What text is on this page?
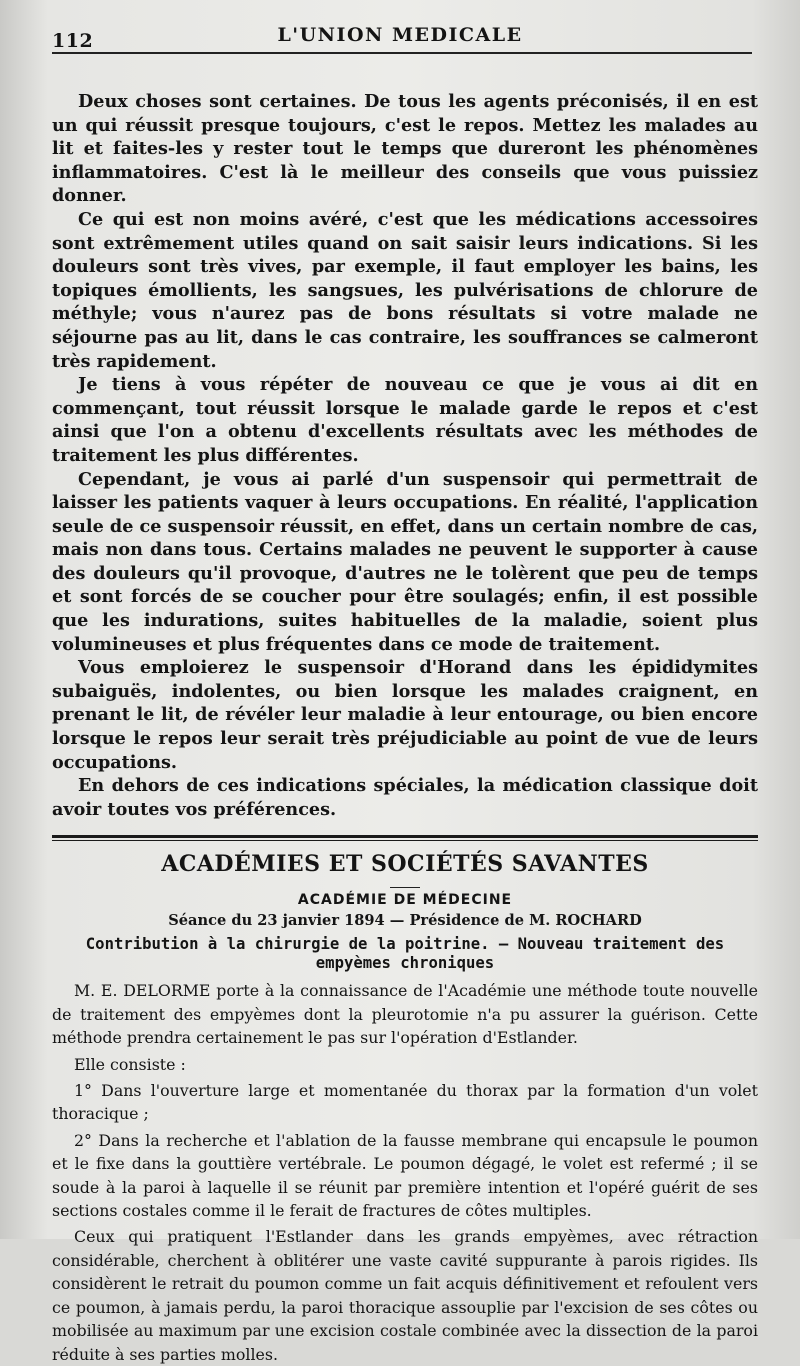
112	L'UNION MEDICALE

Deux choses sont certaines. De tous les agents préconisés, il en est un qui réussit presque toujours, c'est le repos. Mettez les malades au lit et faites-les y rester tout le temps que dureront les phénomènes inflammatoires. C'est là le meilleur des conseils que vous puissiez donner.

Ce qui est non moins avéré, c'est que les médications accessoires sont extrêmement utiles quand on sait saisir leurs indications. Si les douleurs sont très vives, par exemple, il faut employer les bains, les topiques émollients, les sangsues, les pulvérisations de chlorure de méthyle; vous n'aurez pas de bons résultats si votre malade ne séjourne pas au lit, dans le cas contraire, les souffrances se calmeront très rapidement.

Je tiens à vous répéter de nouveau ce que je vous ai dit en commençant, tout réussit lorsque le malade garde le repos et c'est ainsi que l'on a obtenu d'excellents résultats avec les méthodes de traitement les plus différentes.

Cependant, je vous ai parlé d'un suspensoir qui permettrait de laisser les patients vaquer à leurs occupations. En réalité, l'application seule de ce suspensoir réussit, en effet, dans un certain nombre de cas, mais non dans tous. Certains malades ne peuvent le supporter à cause des douleurs qu'il provoque, d'autres ne le tolèrent que peu de temps et sont forcés de se coucher pour être soulagés; enfin, il est possible que les indurations, suites habituelles de la maladie, soient plus volumineuses et plus fréquentes dans ce mode de traitement.

Vous emploierez le suspensoir d'Horand dans les épididymites subaiguës, indolentes, ou bien lorsque les malades craignent, en prenant le lit, de révéler leur maladie à leur entourage, ou bien encore lorsque le repos leur serait très préjudiciable au point de vue de leurs occupations.

En dehors de ces indications spéciales, la médication classique doit avoir toutes vos préférences.

ACADÉMIES ET SOCIÉTÉS SAVANTES
ACADÉMIE DE MÉDECINE
Séance du 23 janvier 1894 — Présidence de M. ROCHARD
Contribution à la chirurgie de la poitrine. — Nouveau traitement des empyèmes chroniques

M. E. DELORME porte à la connaissance de l'Académie une méthode toute nouvelle de traitement des empyèmes dont la pleurotomie n'a pu assurer la guérison. Cette méthode prendra certainement le pas sur l'opération d'Estlander.

Elle consiste :

1° Dans l'ouverture large et momentanée du thorax par la formation d'un volet thoracique ;

2° Dans la recherche et l'ablation de la fausse membrane qui encapsule le poumon et le fixe dans la gouttière vertébrale. Le poumon dégagé, le volet est refermé ; il se soude à la paroi à laquelle il se réunit par première intention et l'opéré guérit de ses sections costales comme il le ferait de fractures de côtes multiples.

Ceux qui pratiquent l'Estlander dans les grands empyèmes, avec rétraction considérable, cherchent à oblitérer une vaste cavité suppurante à parois rigides. Ils considèrent le retrait du poumon comme un fait acquis définitivement et refoulent vers ce poumon, à jamais perdu, la paroi thoracique assouplie par l'excision de ses côtes ou mobilisée au maximum par une excision costale combinée avec la dissection de la paroi réduite à ses parties molles.
